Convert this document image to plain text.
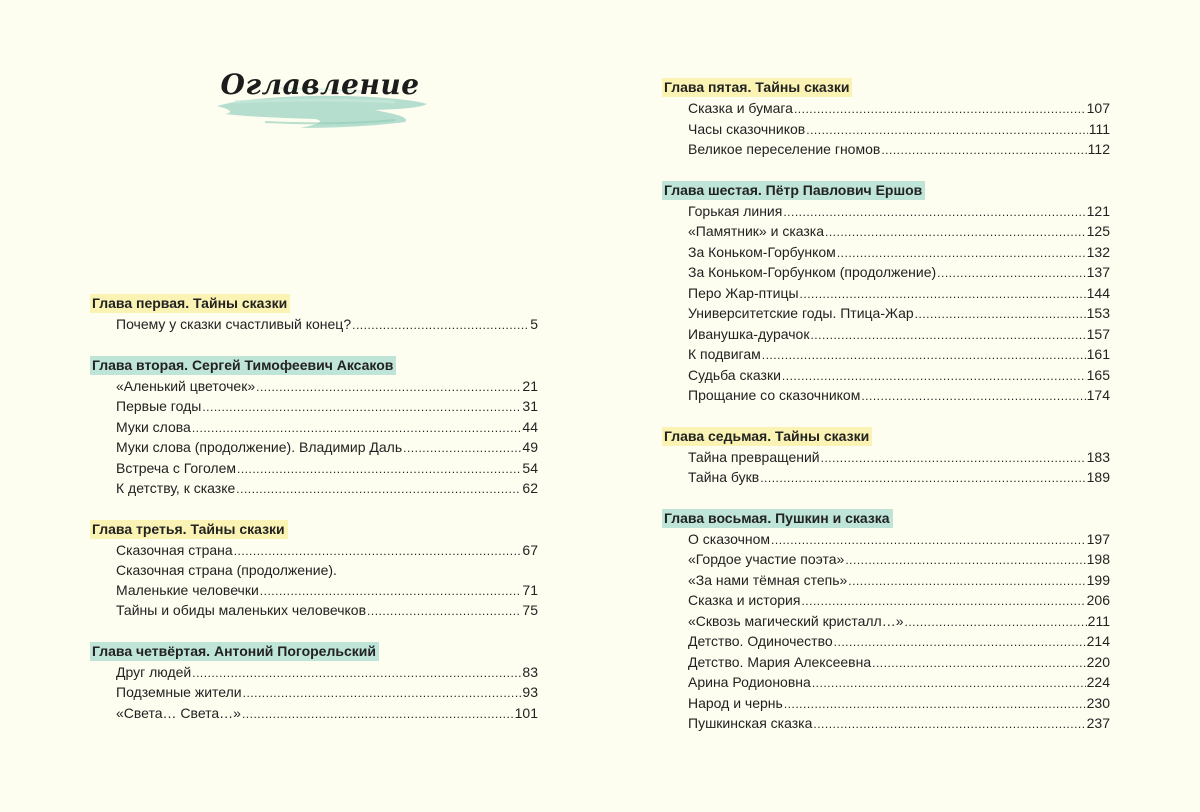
Оглавление
Глава первая. Тайны сказки
Почему у сказки счастливый конец? .....	5
Глава вторая. Сергей Тимофеевич Аксаков
«Аленький цветочек» .....	21
Первые годы .....	31
Муки слова .....	44
Муки слова (продолжение). Владимир Даль .....	49
Встреча с Гоголем .....	54
К детству, к сказке .....	62
Глава третья. Тайны сказки
Сказочная страна .....	67
Сказочная страна (продолжение).
Маленькие человечки .....	71
Тайны и обиды маленьких человечков .....	75
Глава четвёртая. Антоний Погорельский
Друг людей .....	83
Подземные жители .....	93
«Света… Света…» .....	101
Глава пятая. Тайны сказки
Сказка и бумага .....	107
Часы сказочников .....	111
Великое переселение гномов .....	112
Глава шестая. Пётр Павлович Ершов
Горькая линия .....	121
«Памятник» и сказка .....	125
За Коньком-Горбунком .....	132
За Коньком-Горбунком (продолжение) .....	137
Перо Жар-птицы .....	144
Университетские годы. Птица-Жар .....	153
Иванушка-дурачок .....	157
К подвигам .....	161
Судьба сказки .....	165
Прощание со сказочником .....	174
Глава седьмая. Тайны сказки
Тайна превращений .....	183
Тайна букв .....	189
Глава восьмая. Пушкин и сказка
О сказочном .....	197
«Гордое участие поэта» .....	198
«За нами тёмная степь» .....	199
Сказка и история .....	206
«Сквозь магический кристалл…» .....	211
Детство. Одиночество .....	214
Детство. Мария Алексеевна .....	220
Арина Родионовна .....	224
Народ и чернь .....	230
Пушкинская сказка .....	237
